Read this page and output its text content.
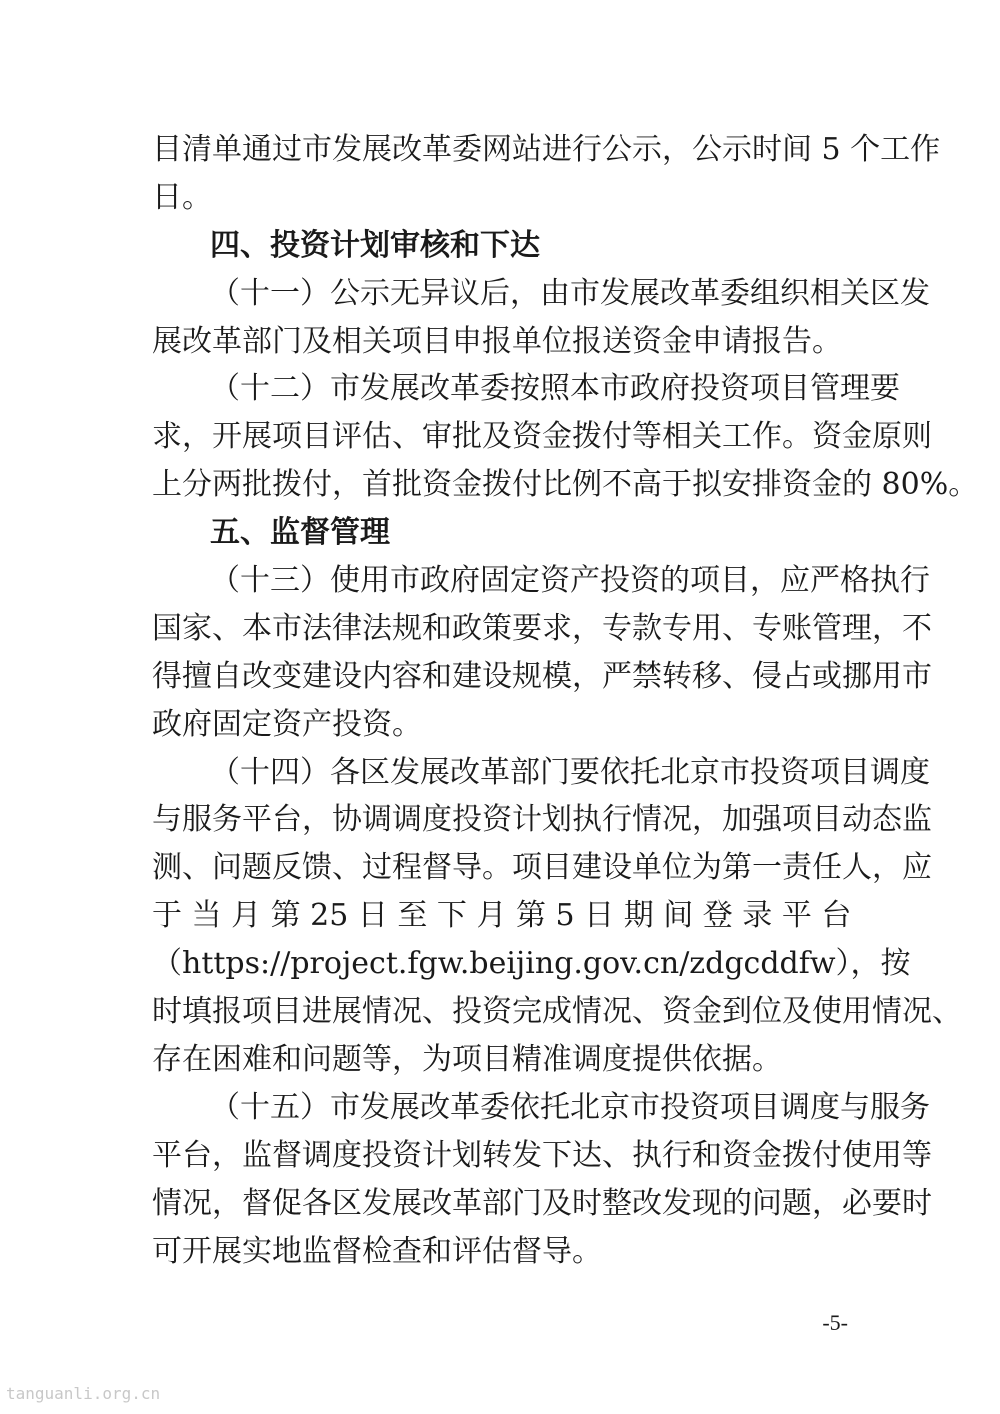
目清单通过市发展改革委网站进行公示，公示时间 5 个工作
日。
四、投资计划审核和下达
（十一）公示无异议后，由市发展改革委组织相关区发
展改革部门及相关项目申报单位报送资金申请报告。
（十二）市发展改革委按照本市政府投资项目管理要
求，开展项目评估、审批及资金拨付等相关工作。资金原则
上分两批拨付，首批资金拨付比例不高于拟安排资金的 80%。
五、监督管理
（十三）使用市政府固定资产投资的项目，应严格执行
国家、本市法律法规和政策要求，专款专用、专账管理，不
得擅自改变建设内容和建设规模，严禁转移、侵占或挪用市
政府固定资产投资。
（十四）各区发展改革部门要依托北京市投资项目调度
与服务平台，协调调度投资计划执行情况，加强项目动态监
测、问题反馈、过程督导。项目建设单位为第一责任人，应
于 当 月 第 25 日 至 下 月 第 5 日 期 间 登 录 平 台
（https://project.fgw.beijing.gov.cn/zdgcddfw），按
时填报项目进展情况、投资完成情况、资金到位及使用情况、
存在困难和问题等，为项目精准调度提供依据。
（十五）市发展改革委依托北京市投资项目调度与服务
平台，监督调度投资计划转发下达、执行和资金拨付使用等
情况，督促各区发展改革部门及时整改发现的问题，必要时
可开展实地监督检查和评估督导。
-5-
tanguanli.org.cn
